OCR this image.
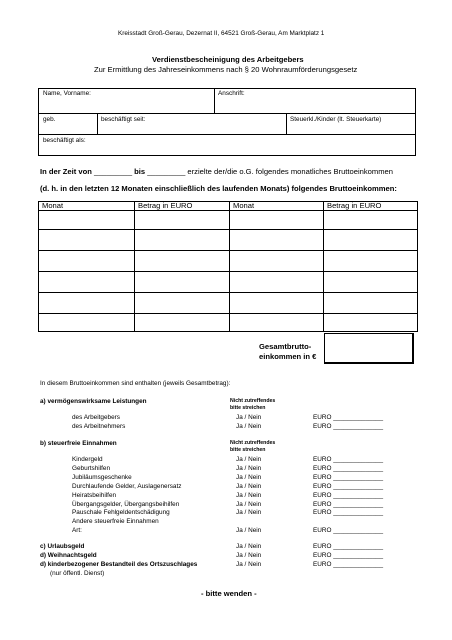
Kreisstadt Groß-Gerau, Dezernat II, 64521 Groß-Gerau, Am Marktplatz 1
Verdienstbescheinigung des Arbeitgebers
Zur Ermittlung des Jahreseinkommens nach § 20 Wohnraumförderungsgesetz
Name, Vorname:	Anschrift:
geb.	beschäftigt seit:	Steuerkl./Kinder (lt. Steuerkarte)
beschäftigt als:
In der Zeit von _________ bis _________ erzielte der/die o.G. folgendes monatliches Bruttoeinkommen
(d. h. in den letzten 12 Monaten einschließlich des laufenden Monats) folgendes Bruttoeinkommen:
Monat	Betrag in EURO	Monat	Betrag in EURO
Gesamtbrutto-
einkommen in €
In diesem Bruttoeinkommen sind enthalten (jeweils Gesamtbetrag):
a) vermögenswirksame Leistungen	Nicht zutreffendes
bitte streichen
des Arbeitgebers	Ja / Nein	EURO ______________
des Arbeitnehmers	Ja / Nein	EURO ______________
b) steuerfreie Einnahmen	Nicht zutreffendes
bitte streichen
Kindergeld	Ja / Nein	EURO ______________
Geburtshilfen	Ja / Nein	EURO ______________
Jubiläumsgeschenke	Ja / Nein	EURO ______________
Durchlaufende Gelder, Auslagenersatz	Ja / Nein	EURO ______________
Heiratsbeihilfen	Ja / Nein	EURO ______________
Übergangsgelder, Übergangsbeihilfen	Ja / Nein	EURO ______________
Pauschale Fehlgeldentschädigung	Ja / Nein	EURO ______________
Andere steuerfreie Einnahmen
Art:	Ja / Nein	EURO ______________
c) Urlaubsgeld	Ja / Nein	EURO ______________
d) Weihnachtsgeld	Ja / Nein	EURO ______________
d) kinderbezogener Bestandteil des Ortszuschlages	Ja / Nein	EURO ______________
(nur öffentl. Dienst)
- bitte wenden -
